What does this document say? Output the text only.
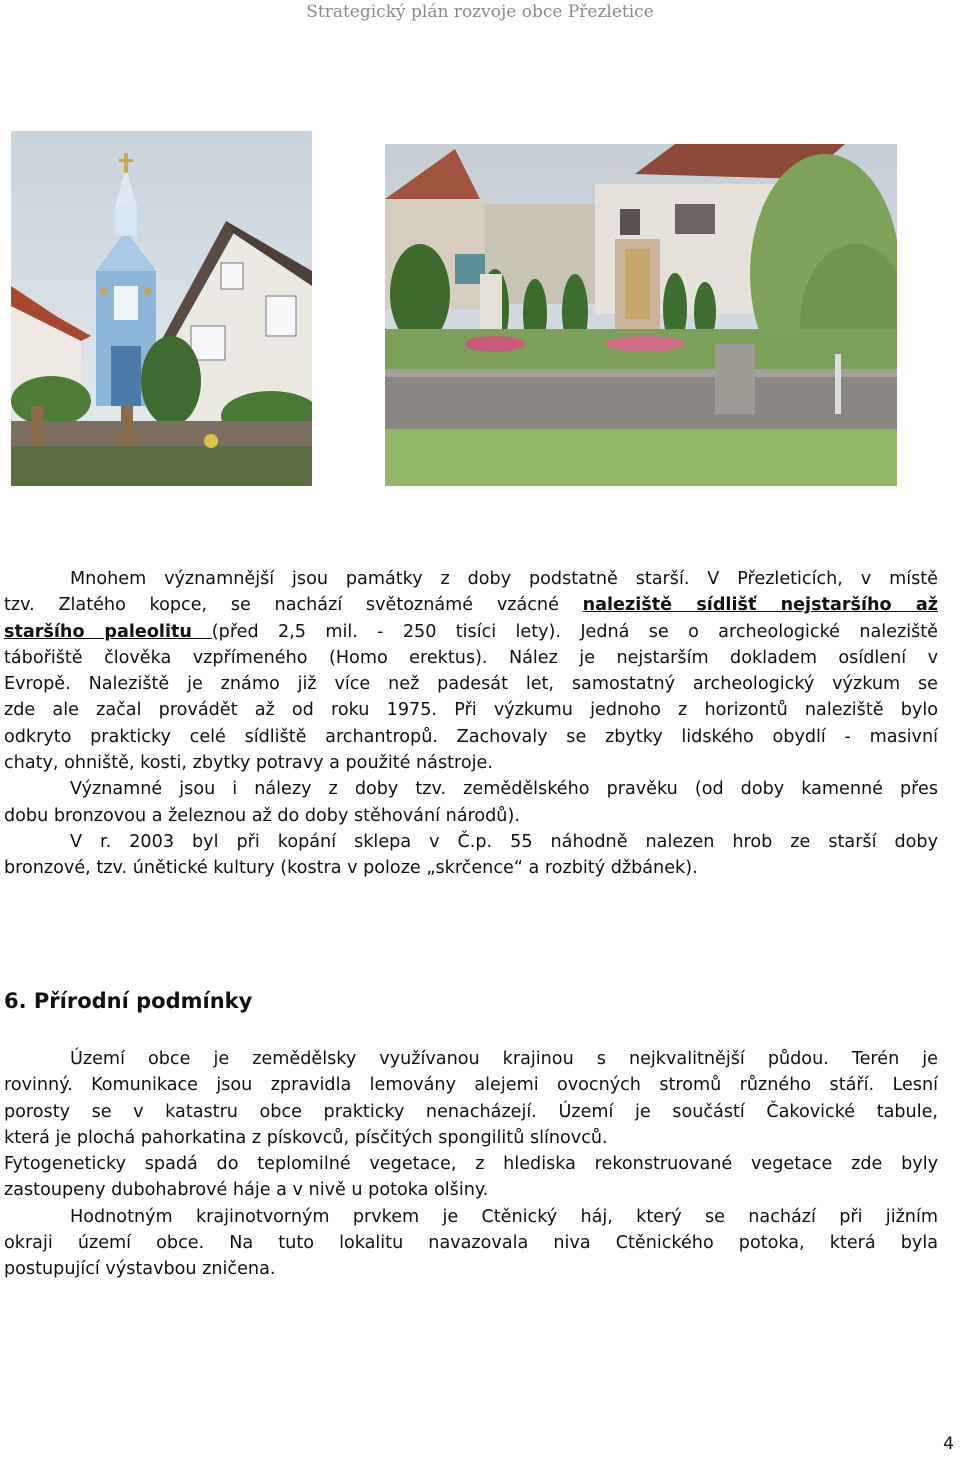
Strategický plán rozvoje obce Přezletice
Mnohem významnější jsou památky z doby podstatně starší. V Přezleticích, v místě
tzv. Zlatého kopce, se nachází světoznámé vzácné naleziště sídlišť nejstaršího až
staršího paleolitu (před 2,5 mil. - 250 tisíci lety). Jedná se o archeologické naleziště
tábořiště člověka vzpřímeného (Homo erektus). Nález je nejstarším dokladem osídlení v
Evropě. Naleziště je známo již více než padesát let, samostatný archeologický výzkum se
zde ale začal provádět až od roku 1975. Při výzkumu jednoho z horizontů naleziště bylo
odkryto prakticky celé sídliště archantropů. Zachovaly se zbytky lidského obydlí - masivní
chaty, ohniště, kosti, zbytky potravy a použité nástroje.
Významné jsou i nálezy z doby tzv. zemědělského pravěku (od doby kamenné přes
dobu bronzovou a železnou až do doby stěhování národů).
V r. 2003 byl při kopání sklepa v Č.p. 55 náhodně nalezen hrob ze starší doby
bronzové, tzv. únětické kultury (kostra v poloze „skrčence“ a rozbitý džbánek).
6. Přírodní podmínky
Území obce je zemědělsky využívanou krajinou s nejkvalitnější půdou. Terén je
rovinný. Komunikace jsou zpravidla lemovány alejemi ovocných stromů různého stáří. Lesní
porosty se v katastru obce prakticky nenacházejí. Území je součástí Čakovické tabule,
která je plochá pahorkatina z pískovců, písčitých spongilitů slínovců.
Fytogeneticky spadá do teplomilné vegetace, z hlediska rekonstruované vegetace zde byly
zastoupeny dubohabrové háje a v nivě u potoka olšiny.
Hodnotným krajinotvorným prvkem je Ctěnický háj, který se nachází při jižním
okraji území obce. Na tuto lokalitu navazovala niva Ctěnického potoka, která byla
postupující výstavbou zničena.
4
